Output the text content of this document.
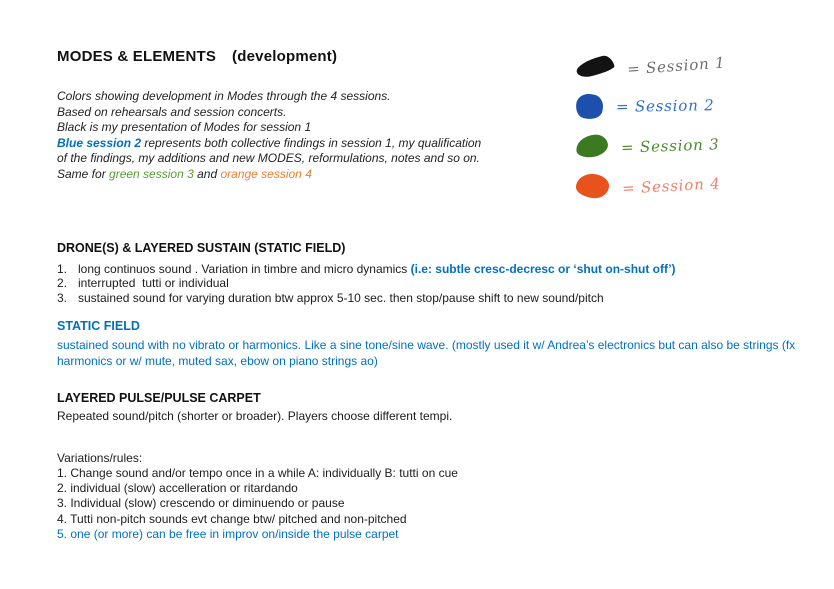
MODES & ELEMENTS (development)
Colors showing development in Modes through the 4 sessions.
Based on rehearsals and session concerts.
Black is my presentation of Modes for session 1
Blue session 2 represents both collective findings in session 1, my qualification
of the findings, my additions and new MODES, reformulations, notes and so on.
Same for green session 3 and orange session 4
DRONE(S) & LAYERED SUSTAIN (STATIC FIELD)
1. long continuos sound . Variation in timbre and micro dynamics (i.e: subtle cresc-decresc or ‘shut on-shut off’)
2. interrupted  tutti or individual
3. sustained sound for varying duration btw approx 5-10 sec. then stop/pause shift to new sound/pitch
STATIC FIELD

sustained sound with no vibrato or harmonics. Like a sine tone/sine wave. (mostly used it w/ Andrea’s electronics but can also be strings (fx harmonics or w/ mute, muted sax, ebow on piano strings ao)

LAYERED PULSE/PULSE CARPET

Repeated sound/pitch (shorter or broader). Players choose different tempi.

Variations/rules:

1. Change sound and/or tempo once in a while A: individually B: tutti on cue
2. individual (slow) accelleration or ritardando
3. Individual (slow) crescendo or diminuendo or pause
4. Tutti non-pitch sounds evt change btw/ pitched and non-pitched
5. one (or more) can be free in improv on/inside the pulse carpet
= Session 1
= Session 2
= Session 3
= Session 4
